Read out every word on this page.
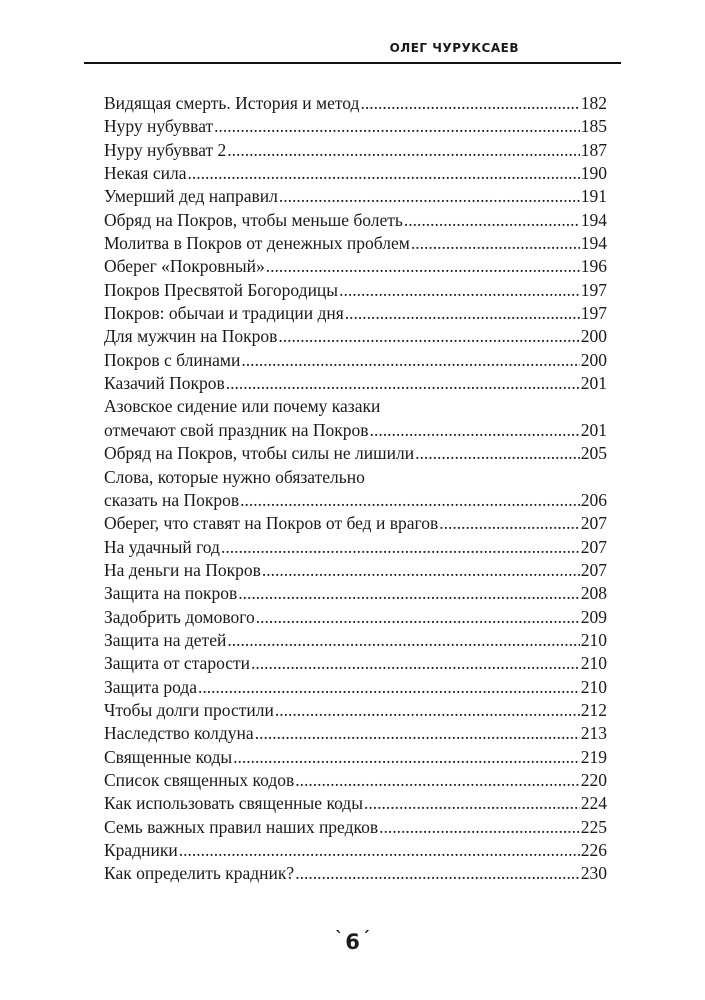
ОЛЕГ ЧУРУКСАЕВ
Видящая смерть. История и метод .....	182
Нуру нубувват .....	185
Нуру нубувват 2 .....	187
Некая сила .....	190
Умерший дед направил .....	191
Обряд на Покров, чтобы меньше болеть .....	194
Молитва в Покров от денежных проблем .....	194
Оберег «Покровный» .....	196
Покров Пресвятой Богородицы .....	197
Покров: обычаи и традиции дня .....	197
Для мужчин на Покров .....	200
Покров с блинами .....	200
Казачий Покров .....	201
Азовское сидение или почему казаки
отмечают свой праздник на Покров .....	201
Обряд на Покров, чтобы силы не лишили .....	205
Слова, которые нужно обязательно
сказать на Покров .....	206
Оберег, что ставят на Покров от бед и врагов .....	207
На удачный год .....	207
На деньги на Покров .....	207
Защита на покров .....	208
Задобрить домового .....	209
Защита на детей .....	210
Защита от старости .....	210
Защита рода .....	210
Чтобы долги простили .....	212
Наследство колдуна .....	213
Священные коды .....	219
Список священных кодов .....	220
Как использовать священные коды .....	224
Семь важных правил наших предков .....	225
Крадники .....	226
Как определить крадник? .....	230
`6 ´
